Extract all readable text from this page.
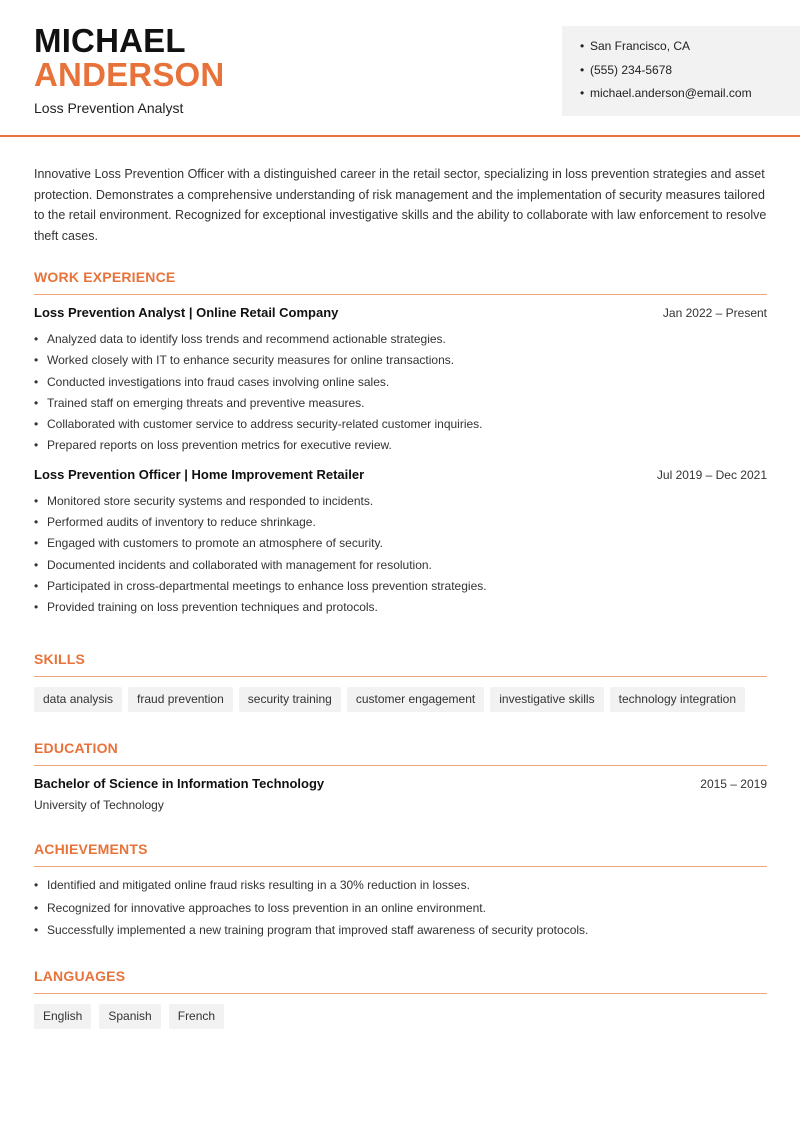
MICHAEL
ANDERSON
Loss Prevention Analyst
• San Francisco, CA
• (555) 234-5678
• michael.anderson@email.com
Innovative Loss Prevention Officer with a distinguished career in the retail sector, specializing in loss prevention strategies and asset protection. Demonstrates a comprehensive understanding of risk management and the implementation of security measures tailored to the retail environment. Recognized for exceptional investigative skills and the ability to collaborate with law enforcement to resolve theft cases.
WORK EXPERIENCE
Loss Prevention Analyst | Online Retail Company	Jan 2022 – Present
• Analyzed data to identify loss trends and recommend actionable strategies.
• Worked closely with IT to enhance security measures for online transactions.
• Conducted investigations into fraud cases involving online sales.
• Trained staff on emerging threats and preventive measures.
• Collaborated with customer service to address security-related customer inquiries.
• Prepared reports on loss prevention metrics for executive review.
Loss Prevention Officer | Home Improvement Retailer	Jul 2019 – Dec 2021
• Monitored store security systems and responded to incidents.
• Performed audits of inventory to reduce shrinkage.
• Engaged with customers to promote an atmosphere of security.
• Documented incidents and collaborated with management for resolution.
• Participated in cross-departmental meetings to enhance loss prevention strategies.
• Provided training on loss prevention techniques and protocols.
SKILLS
data analysis	fraud prevention	security training	customer engagement	investigative skills	technology integration
EDUCATION
Bachelor of Science in Information Technology	2015 – 2019
University of Technology
ACHIEVEMENTS
• Identified and mitigated online fraud risks resulting in a 30% reduction in losses.
• Recognized for innovative approaches to loss prevention in an online environment.
• Successfully implemented a new training program that improved staff awareness of security protocols.
LANGUAGES
English	Spanish	French
